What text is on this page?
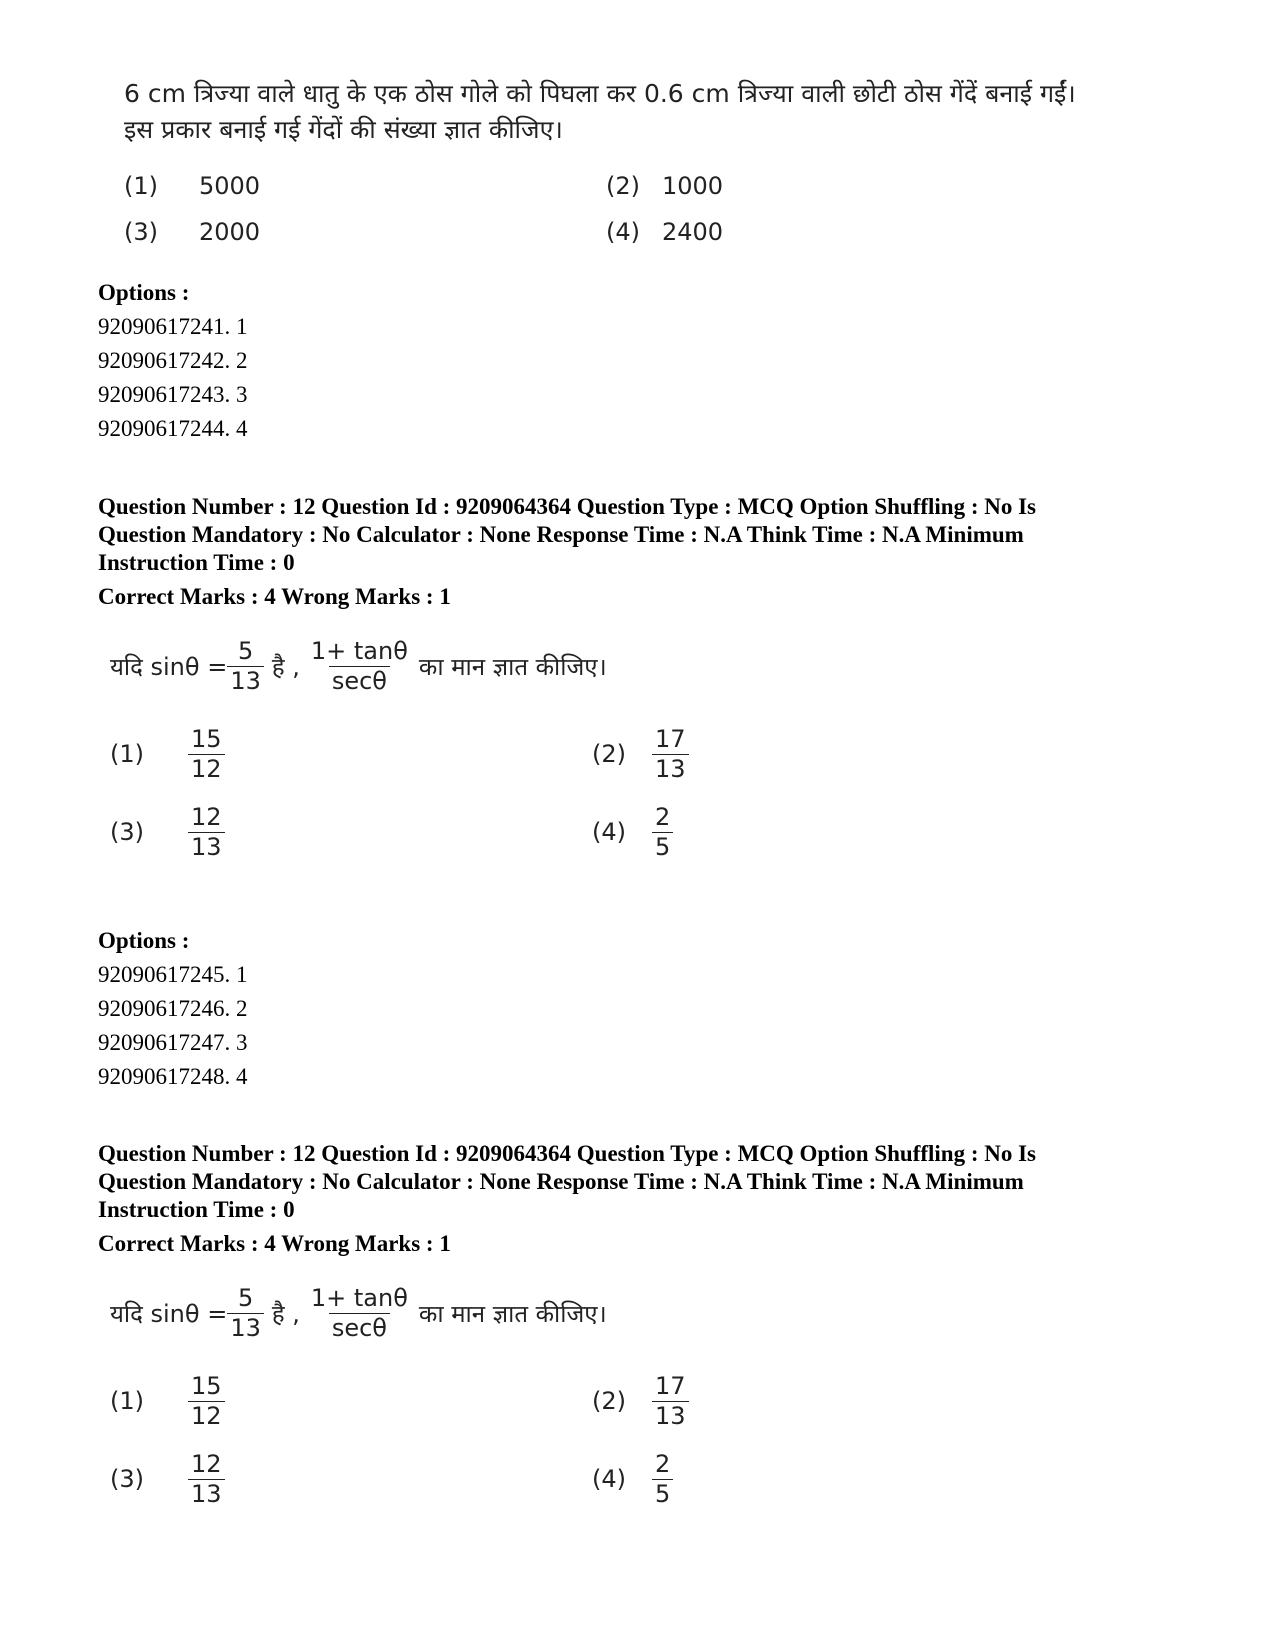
6 cm त्रिज्या वाले धातु के एक ठोस गोले को पिघला कर 0.6 cm त्रिज्या वाली छोटी ठोस गेंदें बनाई गईं।
इस प्रकार बनाई गई गेंदों की संख्या ज्ञात कीजिए।
(1) 5000	(2) 1000
(3) 2000	(4) 2400
Options :
92090617241. 1
92090617242. 2
92090617243. 3
92090617244. 4
Question Number : 12 Question Id : 9209064364 Question Type : MCQ Option Shuffling : No Is
Question Mandatory : No Calculator : None Response Time : N.A Think Time : N.A Minimum
Instruction Time : 0
Correct Marks : 4 Wrong Marks : 1
यदि $\sin\theta = \frac{5}{13}$ है , $\frac{1+ \tan\theta}{\sec\theta}$ का मान ज्ञात कीजिए।
(1)	$\frac{15}{12}$	(2)	$\frac{17}{13}$
(3)	$\frac{12}{13}$	(4)	$\frac{2}{5}$
Options :
92090617245. 1
92090617246. 2
92090617247. 3
92090617248. 4
Question Number : 12 Question Id : 9209064364 Question Type : MCQ Option Shuffling : No Is
Question Mandatory : No Calculator : None Response Time : N.A Think Time : N.A Minimum
Instruction Time : 0
Correct Marks : 4 Wrong Marks : 1
यदि $\sin\theta = \frac{5}{13}$ है , $\frac{1+ \tan\theta}{\sec\theta}$ का मान ज्ञात कीजिए।
(1)	$\frac{15}{12}$	(2)	$\frac{17}{13}$
(3)	$\frac{12}{13}$	(4)	$\frac{2}{5}$
